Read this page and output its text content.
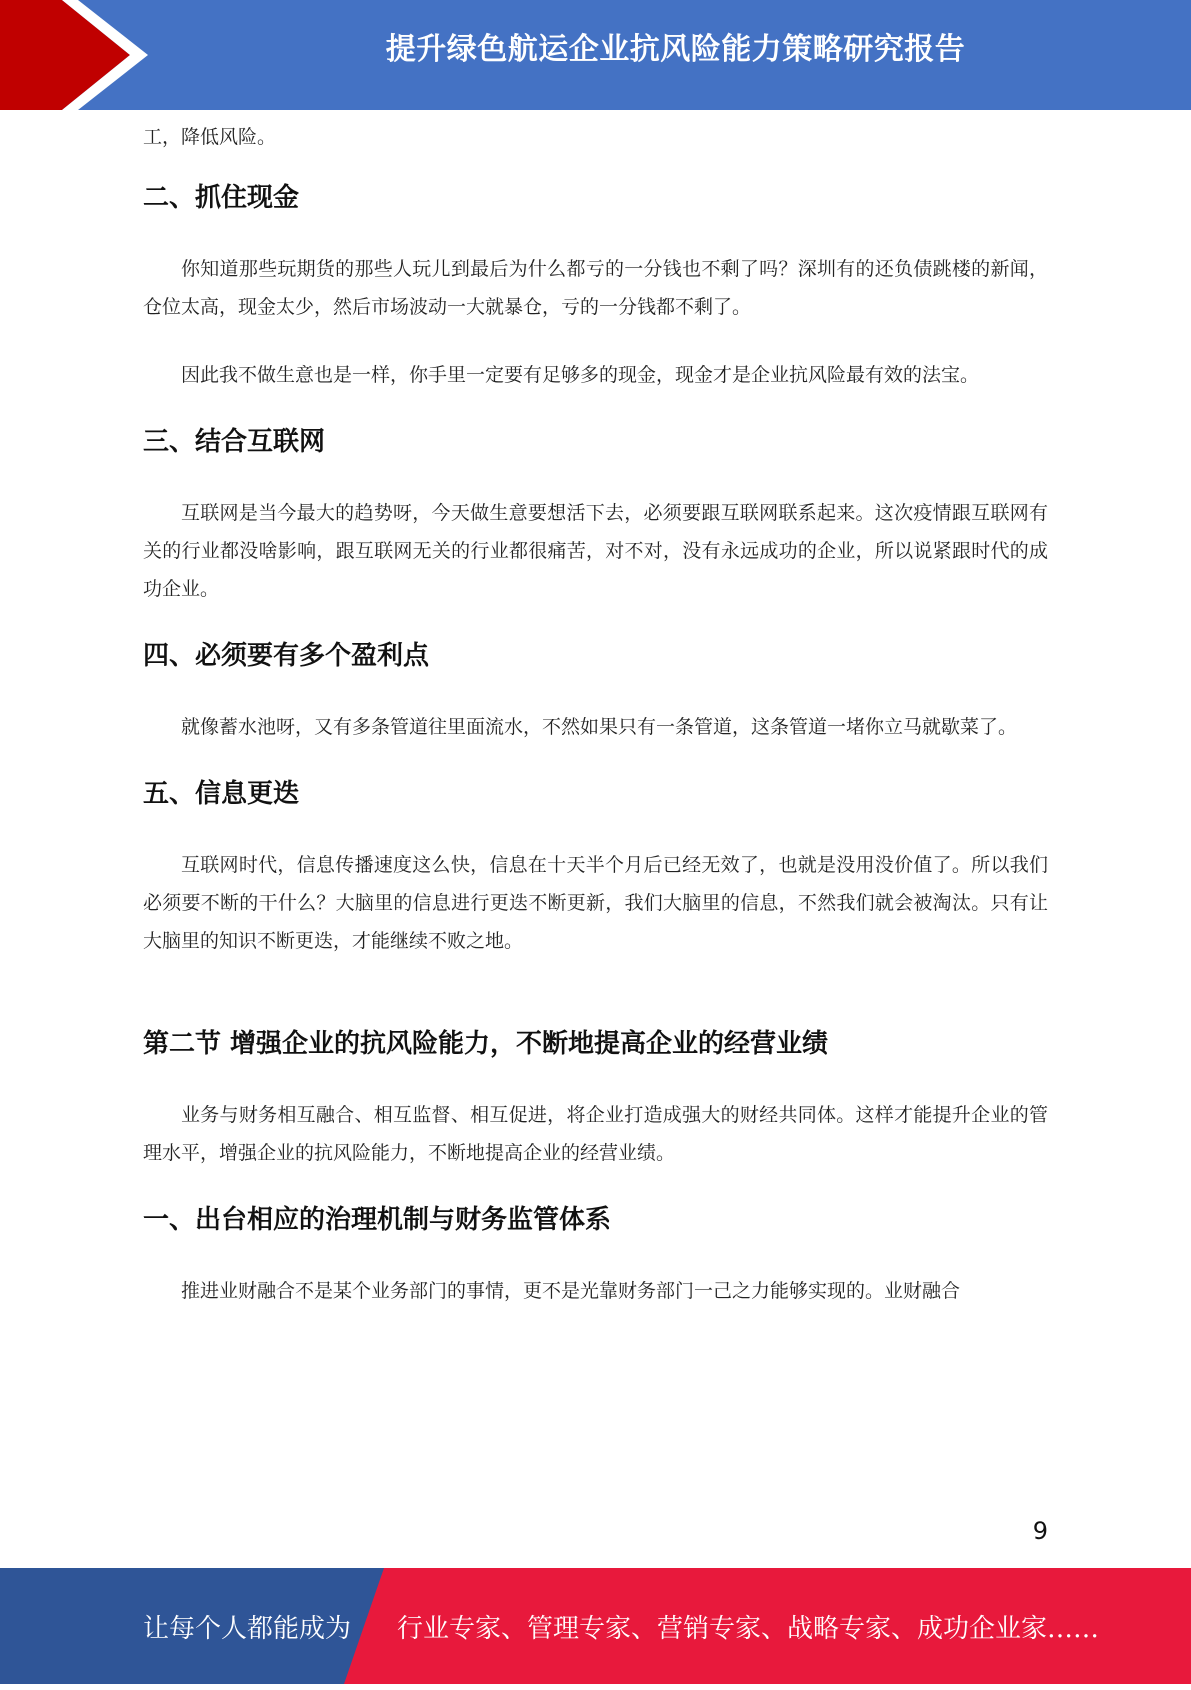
提升绿色航运企业抗风险能力策略研究报告

工，降低风险。

二、抓住现金

你知道那些玩期货的那些人玩儿到最后为什么都亏的一分钱也不剩了吗？深圳有的还负债跳楼的新闻，仓位太高，现金太少，然后市场波动一大就暴仓，亏的一分钱都不剩了。

因此我不做生意也是一样，你手里一定要有足够多的现金，现金才是企业抗风险最有效的法宝。

三、结合互联网

互联网是当今最大的趋势呀，今天做生意要想活下去，必须要跟互联网联系起来。这次疫情跟互联网有关的行业都没啥影响，跟互联网无关的行业都很痛苦，对不对，没有永远成功的企业，所以说紧跟时代的成功企业。

四、必须要有多个盈利点

就像蓄水池呀，又有多条管道往里面流水，不然如果只有一条管道，这条管道一堵你立马就歇菜了。

五、信息更迭

互联网时代，信息传播速度这么快，信息在十天半个月后已经无效了，也就是没用没价值了。所以我们必须要不断的干什么？大脑里的信息进行更迭不断更新，我们大脑里的信息，不然我们就会被淘汰。只有让大脑里的知识不断更迭，才能继续不败之地。

第二节 增强企业的抗风险能力，不断地提高企业的经营业绩

业务与财务相互融合、相互监督、相互促进，将企业打造成强大的财经共同体。这样才能提升企业的管理水平，增强企业的抗风险能力，不断地提高企业的经营业绩。

一、出台相应的治理机制与财务监管体系

推进业财融合不是某个业务部门的事情，更不是光靠财务部门一己之力能够实现的。业财融合

9
让每个人都能成为 行业专家、管理专家、营销专家、战略专家、成功企业家……
